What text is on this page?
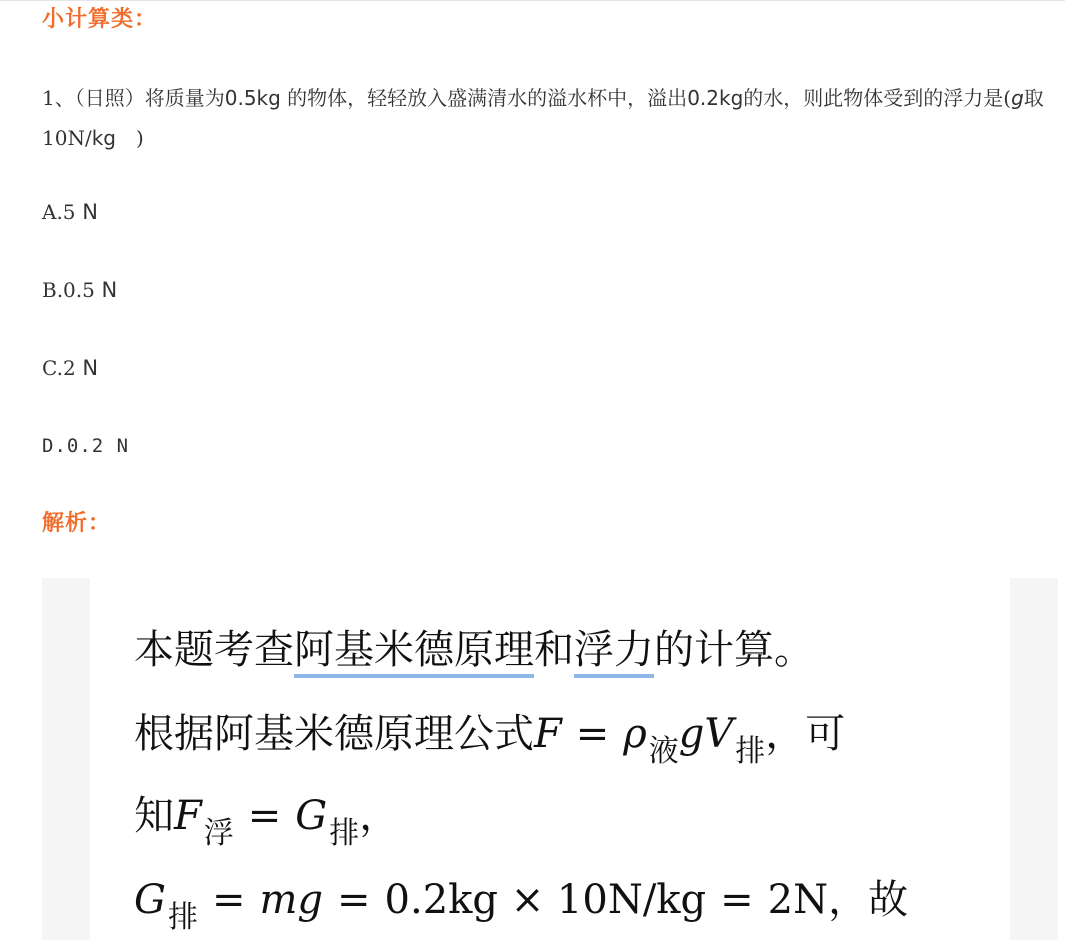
小计算类：

1、（日照）将质量为0.5kg 的物体，轻轻放入盛满清水的溢水杯中，溢出0.2kg的水，则此物体受到的浮力是(g取10N/kg　)

A.5 N

B.0.5 N

C.2 N

D.0.2 N

解析：

本题考查阿基米德原理和浮力的计算。

根据阿基米德原理公式$F = \rho_液gV_排$，可

知$F_浮 = G_排$，

$G_排$ = mg = 0.2kg × 10N/kg = 2N，故
